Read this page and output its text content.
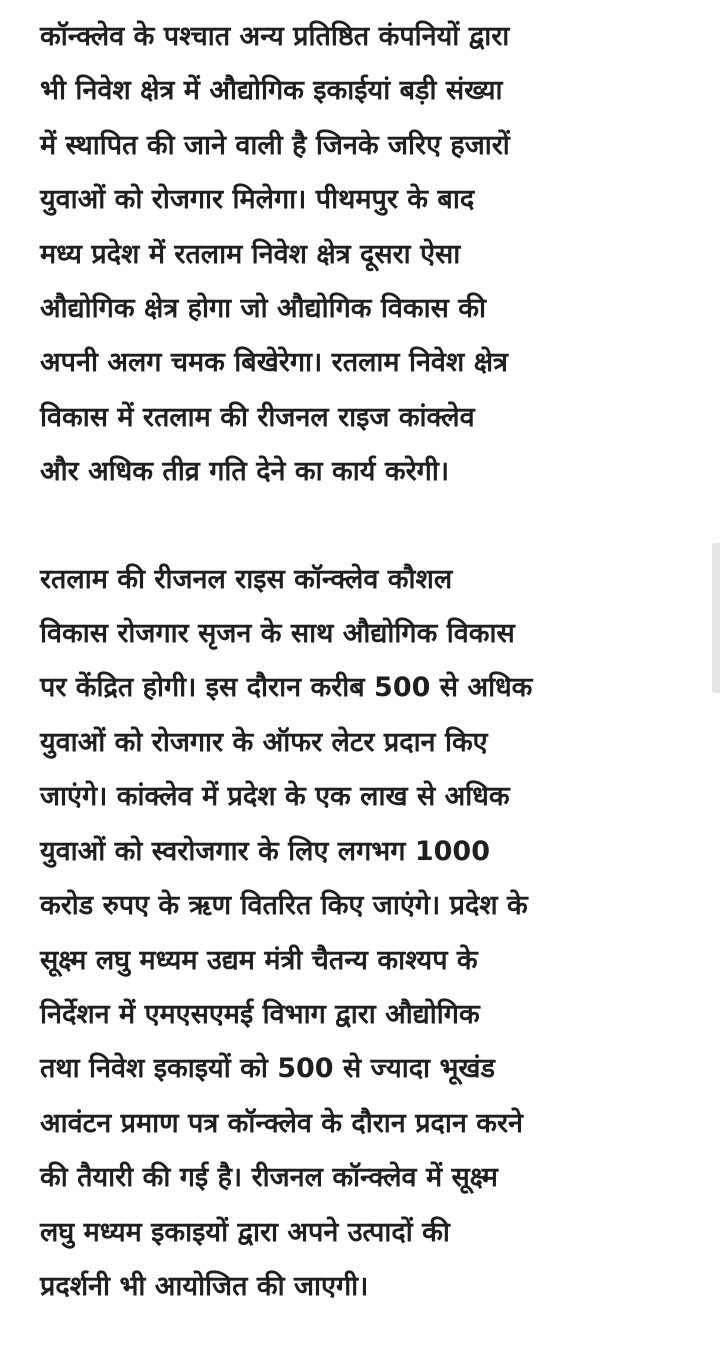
कॉन्क्लेव के पश्चात अन्य प्रतिष्ठित कंपनियों द्वारा
भी निवेश क्षेत्र में औद्योगिक इकाईयां बड़ी संख्या
में स्थापित की जाने वाली है जिनके जरिए हजारों
युवाओं को रोजगार मिलेगा। पीथमपुर के बाद
मध्य प्रदेश में रतलाम निवेश क्षेत्र दूसरा ऐसा
औद्योगिक क्षेत्र होगा जो औद्योगिक विकास की
अपनी अलग चमक बिखेरेगा। रतलाम निवेश क्षेत्र
विकास में रतलाम की रीजनल राइज कांक्लेव
और अधिक तीव्र गति देने का कार्य करेगी।

रतलाम की रीजनल राइस कॉन्क्लेव कौशल
विकास रोजगार सृजन के साथ औद्योगिक विकास
पर केंद्रित होगी। इस दौरान करीब 500 से अधिक
युवाओं को रोजगार के ऑफर लेटर प्रदान किए
जाएंगे। कांक्लेव में प्रदेश के एक लाख से अधिक
युवाओं को स्वरोजगार के लिए लगभग 1000
करोड रुपए के ऋण वितरित किए जाएंगे। प्रदेश के
सूक्ष्म लघु मध्यम उद्यम मंत्री चैतन्य काश्यप के
निर्देशन में एमएसएमई विभाग द्वारा औद्योगिक
तथा निवेश इकाइयों को 500 से ज्यादा भूखंड
आवंटन प्रमाण पत्र कॉन्क्लेव के दौरान प्रदान करने
की तैयारी की गई है। रीजनल कॉन्क्लेव में सूक्ष्म
लघु मध्यम इकाइयों द्वारा अपने उत्पादों की
प्रदर्शनी भी आयोजित की जाएगी।
